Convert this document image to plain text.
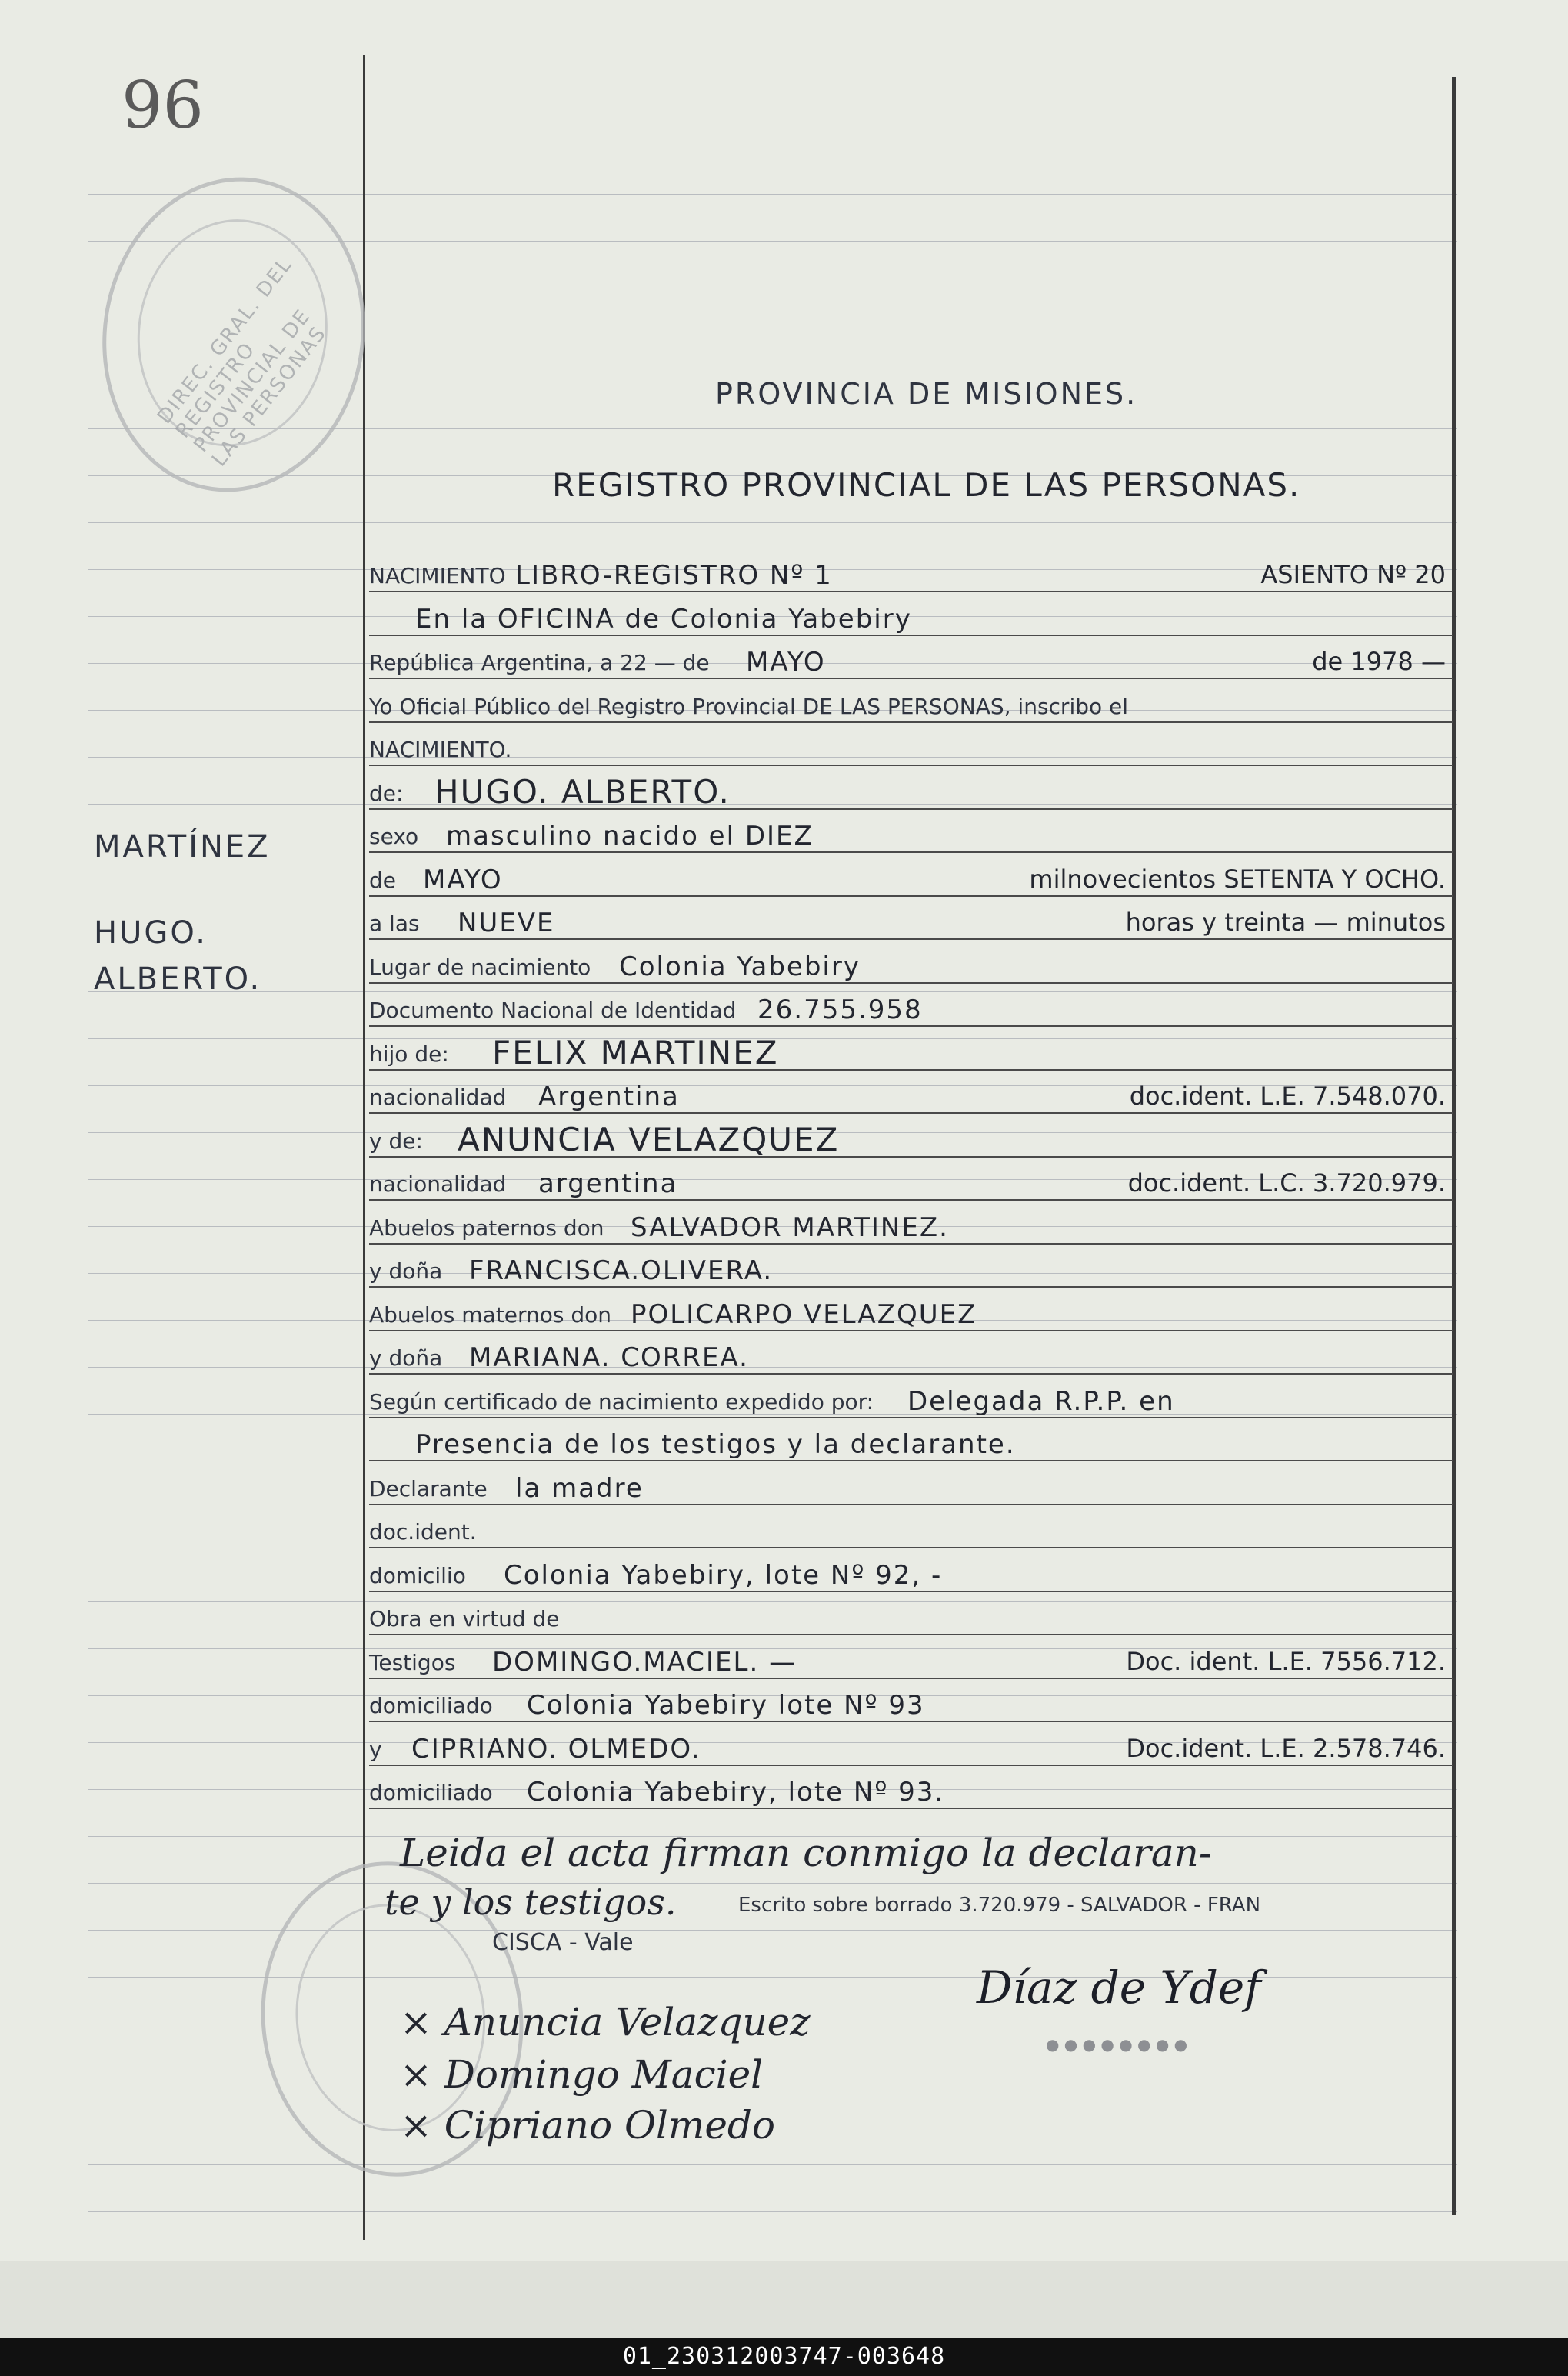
96
DIREC. GRAL. DEL REGISTRO PROVINCIAL DE LAS PERSONAS	PROVINCIA DE MISIONES.
REGISTRO PROVINCIAL DE LAS PERSONAS.
MARTÍNEZ
HUGO.
ALBERTO.
NACIMIENTO LIBRO-REGISTRO Nº 1	ASIENTO Nº 20
En la OFICINA de Colonia Yabebiry
República Argentina, a 22 — de MAYO	de 1978 —
Yo Oficial Público del Registro Provincial DE LAS PERSONAS, inscribo el
NACIMIENTO.
de: HUGO. ALBERTO.
sexo masculino nacido el DIEZ
de MAYO	milnovecientos SETENTA Y OCHO.
a las NUEVE	horas y treinta — minutos
Lugar de nacimiento Colonia Yabebiry
Documento Nacional de Identidad 26.755.958
hijo de: FELIX MARTINEZ
nacionalidad Argentina	doc.ident. L.E. 7.548.070.
y de: ANUNCIA VELAZQUEZ
nacionalidad argentina	doc.ident. L.C. 3.720.979.
Abuelos paternos don SALVADOR MARTINEZ.
y doña FRANCISCA.OLIVERA.
Abuelos maternos don POLICARPO VELAZQUEZ
y doña MARIANA. CORREA.
Según certificado de nacimiento expedido por: Delegada R.P.P. en
Presencia de los testigos y la declarante.
Declarante la madre
doc.ident.
domicilio Colonia Yabebiry, lote Nº 92, -
Obra en virtud de
Testigos DOMINGO.MACIEL. —	Doc. ident. L.E. 7556.712.
domiciliado Colonia Yabebiry lote Nº 93
y CIPRIANO. OLMEDO.	Doc.ident. L.E. 2.578.746.
domiciliado Colonia Yabebiry, lote Nº 93.
Leida el acta firman conmigo la declaran-
te y los testigos.	Escrito sobre borrado 3.720.979 - SALVADOR - FRAN
CISCA - Vale
Díaz de Ydef
● ● ● ● ● ● ● ●
× Anuncia Velazquez
× Domingo Maciel
× Cipriano Olmedo
01_230312003747-003648
